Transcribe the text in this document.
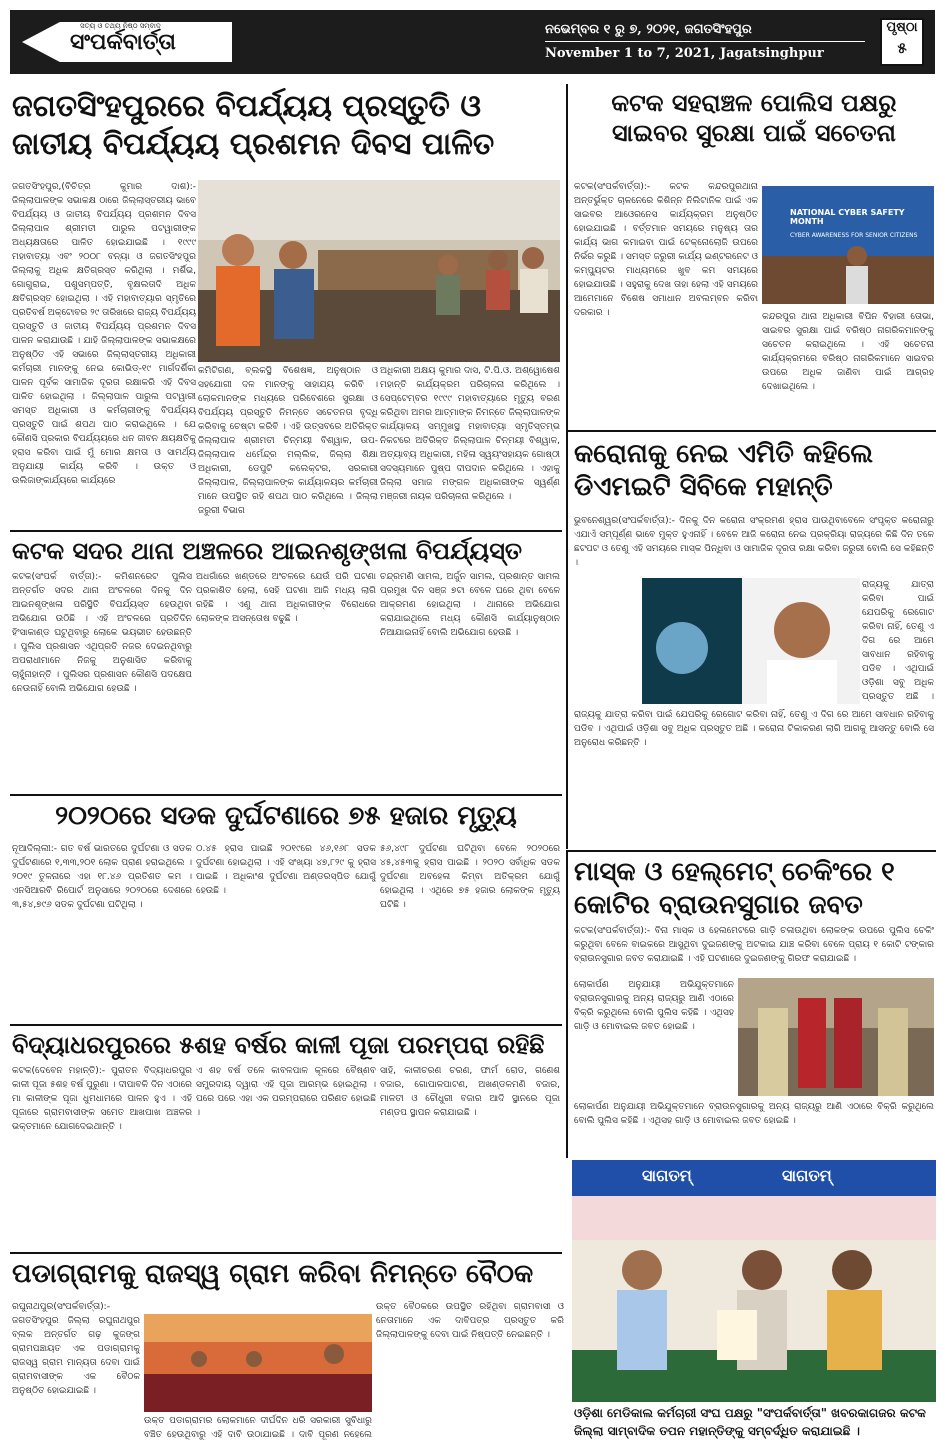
ସତ୍ୟ ଓ ତଥ୍ୟ ନିଷ୍ଠ ସମ୍ବାଦ
ସଂପର୍କବାର୍ତ୍ତା
ନଭେମ୍ବର ୧ ରୁ ୭, ୨୦୨୧, ଜଗତସିଂହପୁର
November 1 to 7, 2021, Jagatsinghpur
ପୃଷ୍ଠା
୫
ଜଗତସିଂହପୁରରେ ବିପର୍ଯ୍ୟୟ ପ୍ରସ୍ତୁତି ଓ ଜାତୀୟ ବିପର୍ଯ୍ୟୟ ପ୍ରଶମନ ଦିବସ ପାଳିତ
ଜଗତସିଂହପୁର,(ବିଚିତ୍ର କୁମାର ଦାଶ):- ଜିଲ୍ଲାପାଳଙ୍କ ସଭାକକ୍ଷ ଠାରେ ଜିଲ୍ଲାସ୍ତରୀୟ ଭାବେ ବିପର୍ଯ୍ୟୟ ଓ ଜାତୀୟ ବିପର୍ଯ୍ୟୟ ପ୍ରଶମନ ଦିବସ ଜିଲ୍ଲାପାଳ ଶ୍ରୀମତୀ ପାରୁଲ ପଟୱାରୀଙ୍କ ଅଧ୍ୟକ୍ଷତାରେ ପାଳିତ ହୋଇଯାଇଛି । ୧୯୯୯ ମହାବାତ୍ୟା ଏବଂ ୨୦୦୮ ବନ୍ୟା ଓ ଜଗତସିଂହପୁର ଜିଲ୍ଲାକୁ ଅଧିକ କ୍ଷତିଗ୍ରସ୍ତ କରିଥିଲା । ମର୍ଶିଭ, ଗୋଗୁରାଇ, ପଶୁସମ୍ପତ୍ତି, ବୃକ୍ଷଲତାଦି ଅଧିକ କ୍ଷତିଗ୍ରସ୍ତ ହୋଇଥିଲା । ଏହି ମହାବାତ୍ୟାର ସ୍ମୃତିରେ ପ୍ରତିବର୍ଷ ଅକ୍ଟୋବର ୨୯ ତାରିଖରେ ରାଜ୍ୟ ବିପର୍ଯ୍ୟୟ ପ୍ରସ୍ତୁତି ଓ ଜାତୀୟ ବିପର୍ଯ୍ୟୟ ପ୍ରଶମନ ଦିବସ ପାଳନ କରାଯାଉଛି । ଯାହି ଜିଲ୍ଲାପାଳଙ୍କ ସଭାକକ୍ଷରେ ଅନୁଷ୍ଠିତ ଏହି ସଭାରେ ଜିଲ୍ଲାସ୍ତରୀୟ ଅଧିକାରୀ କର୍ମଚାରୀ ମାନଙ୍କୁ ନେଇ କୋଭିଡ୍-୧୯ ମାର୍ଗଦର୍ଶିକା ପାଳନ ପୂର୍ବକ ସାମାଜିକ ଦୂରତା ରକ୍ଷାକରି ଏହି ଦିବସ ପାଳିତ ହୋଇଥିଲା । ଜିଲ୍ଲାପାଳ ପାରୁଲ ପଟୱାରୀ ସମସ୍ତ ଅଧିକାରୀ ଓ କର୍ମଚାରୀଙ୍କୁ ବିପର୍ଯ୍ୟୟ ପ୍ରସ୍ତୁତି ପାଇଁ ଶପଥ ପାଠ କରାଇଥିଲେ । ଯେ କୌଣସି ପ୍ରକାର ବିପର୍ଯ୍ୟୟରେ ଧନ ଜୀବନ କ୍ଷୟକ୍ଷତିକୁ ହ୍ରାସ କରିବା ପାଇଁ ମୁଁ ମୋର କ୍ଷମତା ଓ ସାମର୍ଥ୍ୟ ଅନୁଯାୟୀ କାର୍ଯ୍ୟ କରିବି । ଉକ୍ତ ଓ ଉଲିଜାଙ୍କାର୍ଯ୍ୟରେ କାର୍ଯ୍ୟରେ
କମିଟିଗଣ, ବ୍ଲକସ୍ଥି ବିଶେଷଜ୍ଞ, ଅନୁଷ୍ଠାନ ଓ ସହଯୋଗୀ ଦଳ ମାନଙ୍କୁ ସାହାଯ୍ୟ କରିବି । ଲୋକମାନଙ୍କ ମଧ୍ୟରେ ପରିବେଶରେ ସୁରକ୍ଷା ଓ ବିପର୍ଯ୍ୟୟ ପ୍ରସ୍ତୁତି ନିମନ୍ତେ ସଚେତନତା ବୃଦ୍ଧି କରିବାକୁ ଚେଷ୍ଟା କରିବି । ଏହି ଉତ୍ସବରେ ଅତିରିକ୍ତ ଜିଲ୍ଲାପାଳ ଶ୍ରୀମତୀ ଚିନ୍ମୟୀ ବିଶ୍ୱାଳ, ଉପ-ଜିଲ୍ଲାପାଳ ଧର୍ମେନ୍ଦ୍ର ମଲ୍ଲିକ, ଜିଲ୍ଲା ଶିକ୍ଷା ଅଧିକାରୀ, ଡେପୁଟି କଲେକ୍ଟର, ସରକାରୀ ଜିଲ୍ଲାପାଳ, ଜିଲ୍ଲାପାଳଙ୍କ କାର୍ଯ୍ୟାଳୟର କର୍ମଚାରୀ ମାନେ ଉପସ୍ଥିତ ରହି ଶପଥ ପାଠ କରିଥିଲେ । ଜିଲ୍ଲା ଜରୁରୀ ବିଭାଗ
ଅଧିକାରୀ ଅକ୍ଷୟ କୁମାର ଦାସ, ଟି.ପି.ଓ. ଅଶ୍ୱୋଷେଶ ମହାନ୍ତି କାର୍ଯ୍ୟକ୍ରମ ପରିଚାଳନା କରିଥିଲେ । ସେପ୍ଟେମ୍ବର ୧୯୯୯ ମହାବାତ୍ୟାରେ ମୃତ୍ୟୁ ବରଣ କରିଥିବା ଅମର ଆତ୍ମାଙ୍କ ନିମନ୍ତେ ଜିଲ୍ଲାପାଳଙ୍କ କାର୍ଯ୍ୟାଳୟ ସମ୍ମୁଖସ୍ଥ ମହାବାତ୍ୟା ସ୍ମୃତିସ୍ତମ୍ଭ ନିକଟରେ ଅତିରିକ୍ତ ଜିଲ୍ଲାପାଳ ଚିନ୍ମୟୀ ବିଶ୍ୱାଳ, ଅତ୍ୟାବ୍ୟ ଅଧିକାରୀ, ମହିଳା ସ୍ୱୟଂସହାୟକ ଗୋଷ୍ଠୀ ସଦସ୍ୟମାନେ ପୁଷ୍ପ ଦୀପଦାନ କରିଥିଲେ । ଏହାକୁ ଜିଲ୍ଲା ସମାଜ ମଙ୍ଗଳ ଅଧିକାରୀଙ୍କ ସ୍ୱର୍ଣ୍ଣ ମଞ୍ଜରୀ ନାୟକ ପରିଚାଳନା କରିଥିଲେ ।
କଟକ ସହରାଞ୍ଚଳ ପୋଲିସ ପକ୍ଷରୁ ସାଇବର ସୁରକ୍ଷା ପାଇଁ ସଚେତନା
କଟକ(ସଂପର୍କବାର୍ତ୍ତା):- କଟକ କନ୍ଦରପୁରଥାନା ଅନ୍ତର୍ଭୁକ୍ତ ଚାଳନେରେ କିଶିନ୍ନ ନିଲିଟାନିକ ପାଇଁ ଏକ ସାଇବର ଆଓେରନେସ କାର୍ଯ୍ୟକ୍ରମ ଅନୁଷ୍ଠିତ ହୋଇଯାଇଛି । ବର୍ତ୍ତମାନ ସମୟରେ ମନୁଷ୍ୟ ତାର କାର୍ଯ୍ୟ ଭାଗ କମାଇବା ପାଇଁ ଟେକ୍ନୋଲୋଜି ଉପରେ ନିର୍ଭର କରୁଛି । ସମସ୍ତ ଜରୁରୀ କାର୍ଯ୍ୟ ଇଣ୍ଟରନେଟ ଓ କମ୍ପ୍ୟୁଟର ମାଧ୍ୟମରେ ଖୁବ କମ ସମୟରେ ହୋଇଯାଉଛି । ସହୁରାକୁ ଦେଖ ତାହା ହେଲା ଏହି ସମୟରେ ଆମେମାନେ ବିଶେଷ ସମାଧାନ ଅବଲମ୍ବନ କରିବା ଦରକାର ।
NATIONAL CYBER SAFETY MONTH
CYBER AWARENESS FOR SENIOR CITIZENS
କନ୍ଦରପୁର ଥାନା ଅଧିକାରୀ ବିପିନ ବିହାରୀ ତୋଭା, ସାଇବର ସୁରକ୍ଷା ପାଇଁ ବରିଷ୍ଠ ନାଗରିକମାନଙ୍କୁ ସଚେତନ କରାଇଥିଲେ । ଏହି ସଚେତନା କାର୍ଯ୍ୟକ୍ରମରେ ବରିଷ୍ଠ ନାଗରିକମାନେ ସାଇବର ଉପରେ ଅଧିକ ଜାଣିବା ପାଇଁ ଆଗ୍ରହ ଦେଖାଇଥିଲେ ।
କରୋନାକୁ ନେଇ ଏମିତି କହିଲେ ଡିଏମଇଟି ସିବିକେ ମହାନ୍ତି
ଭୁବନେଶ୍ୱର(ସଂପର୍କବାର୍ତ୍ତା):- ଦିନକୁ ଦିନ କରୋନା ସଂକ୍ରମଣ ହ୍ରାସ ପାଉଥିବାବେଳେ ସଂପୃକ୍ତ କରୋନାରୁ ଏଯାଏଁ ସମ୍ପୂର୍ଣ୍ଣ ଭାବେ ମୁକ୍ତ ହୁଏନାହିଁ । ବେଳେ ଆଜି କରୋନା ନେଇ ପ୍ରକ୍ରିୟା ରାଜ୍ୟରେ କିଛି ଦିନ ତଳେ ଛଟପଟ ଓ ତେଣୁ ଏହି ସମୟରେ ମାସ୍କ ପିନ୍ଧିବା ଓ ସାମାଜିକ ଦୂରତା ରକ୍ଷା କରିବା ଜରୁରୀ ବୋଲି ସେ କହିଛନ୍ତି ।
ରାଜ୍ୟକୁ ଯାତ୍ରା କରିବା ପାଇଁ ଯେପରିକୁ ରେଗୋଟ କରିବା ନାହିଁ, ତେଣୁ ଏ ଦିଗ ରେ ଆମେ ସାବଧାନ ରହିବାକୁ ପଡିବ । ଏଥିପାଇଁ ଓଡ଼ିଶା ସବୁ ଅଧିକ ପ୍ରସ୍ତୁତ ଅଛି ।
ରାଜ୍ୟକୁ ଯାତ୍ରା କରିବା ପାଇଁ ଯେପରିକୁ ରେଗୋଟ କରିବା ନାହିଁ, ତେଣୁ ଏ ଦିଗ ରେ ଆମେ ସାବଧାନ ରହିବାକୁ ପଡିବ । ଏଥିପାଇଁ ଓଡ଼ିଶା ସବୁ ଅଧିକ ପ୍ରସ୍ତୁତ ଅଛି । କରୋନା ଟିକାକରଣ ଲାଗି ଆଗକୁ ଆସନ୍ତୁ ବୋଲି ସେ ଅନୁରୋଧ କରିଛନ୍ତି ।
କଟକ ସଦର ଥାନା ଅଞ୍ଚଳରେ ଆଇନଶୃଙ୍ଖଳା ବିପର୍ଯ୍ୟସ୍ତ
କଟକ(ସଂପର୍କ ବାର୍ତ୍ତା):- କମିଶନରେଟ ପୁଲିସ ଅନ୍ତର୍ଗତ ସଦର ଥାନା ଅଂଚଳରେ ଦିନକୁ ଦିନ ଆଇନଶୃଙ୍ଖଳା ପରିସ୍ଥିତି ବିପର୍ଯ୍ୟସ୍ତ ହେଉଥିବା ଅଭିଯୋଗ ଉଠିଛି । ଏହି ଅଂଚଳରେ ପ୍ରତିଦିନ ହିଂସାକାଣ୍ଡ ଘଟୁଥିବାରୁ ଲୋକେ ଭୟଭୀତ ହେଉଛନ୍ତି । ପୁଲିସ ପ୍ରଶାସନ ଏଥିପ୍ରତି ନଜର ଦେଇନଥିବାରୁ ଅପରାଧୀମାନେ ନିଜକୁ ଅନୁଶାସିତ କରିବାକୁ ଚାହୁଁନାହାନ୍ତି । ପୁଲିସର ପ୍ରଶାସନ କୌଣସି ପଦକ୍ଷେପ ନେଉନାହିଁ ବୋଲି ଅଭିଯୋଗ ହେଉଛି ।
ଅଧଗାଁରେ ଖଣ୍ଡରେ ଅଂଚଳରେ ଯେଉଁ ପରି ଘଟଣା ପ୍ରକାଶିତ ହେଲା, ସେହି ଘଟଣା ଆଜି ମଧ୍ୟ ଲାଗି ରହିଛି । ଏଣୁ ଥାନା ଅଧିକାରୀଙ୍କ ବିରୋଧରେ ଲୋକଙ୍କ ଅସନ୍ତୋଷ ବଢୁଛି ।
ଚନ୍ଦ୍ରମଣି ସାମଲ, ଅର୍ଜୁନ ସାମଲ, ପ୍ରଶାନ୍ତ ସାମଲ ପ୍ରମୁଖ ଦିନ ସଞ୍ଜ ୭ଟା ବେଳେ ଘରେ ଥିବା ବେଳେ ଆକ୍ରମଣ ହୋଇଥିଲା । ଥାନାରେ ଅଭିଯୋଗ କରାଯାଇଥିଲେ ମଧ୍ୟ କୌଣସି କାର୍ଯ୍ୟାନୁଷ୍ଠାନ ନିଆଯାଇନାହିଁ ବୋଲି ଅଭିଯୋଗ ହେଉଛି ।
୨୦୨୦ରେ ସଡକ ଦୁର୍ଘଟଣାରେ ୭୫ ହଜାର ମୃତ୍ୟୁ
ନୂଆଦିଲ୍ଲୀ:- ଗତ ବର୍ଷ ଭାରତରେ ଦୁର୍ଘଟଣା ଓ ସଡକ ଦୁର୍ଘଟଣାରେ ୧,୩୩,୨୦୧ ଲୋକ ପ୍ରାଣ ହରାଇଥିଲେ । ୨୦୧୯ ତୁଳନାରେ ଏହା ୧୮.୪୬ ପ୍ରତିଶତ କମ । ଏନସିଆରବି ରିପୋର୍ଟ ଅନୁସାରେ ୨୦୨୦ରେ ଦେଶରେ ୩,୫୪,୭୯୬ ସଡକ ଦୁର୍ଘଟଣା ଘଟିଥିଲା ।
୦.୪୫ ହ୍ରାସ ପାଇଛି ୨୦୧୯ରେ ୪୬,୧୬୮ ସଡକ ଦୁର୍ଘଟଣା ହୋଇଥିଲା । ଏହି ସଂଖ୍ୟା ୪୭,୮୨୯ କୁ ହ୍ରାସ ପାଇଛି । ଅଧିକାଂଶ ଦୁର୍ଘଟଣା ଅଣ୍ଡରସ୍ପିଡ ଯୋଗୁଁ ହେଉଛି ।
୫୬,୪୯୮ ଦୁର୍ଘଟଣା ଘଟିଥିବା ବେଳେ ୨୦୨୦ରେ ୪୫,୪୫୩କୁ ହ୍ରାସ ପାଇଛି । ୨୦୨୦ ସର୍ବାଧିକ ସଡକ ଦୁର୍ଘଟଣା ଅବହେଳା କିମ୍ବା ଅତିକ୍ରମ ଯୋଗୁଁ ହୋଇଥିଲା । ଏଥିରେ ୭୫ ହଜାର ଲୋକଙ୍କ ମୃତ୍ୟୁ ଘଟିଛି ।
ମାସ୍କ ଓ ହେଲ୍‌ମେଟ୍ ଚେକିଂରେ ୧ କୋଟିର ବ୍ରାଉନସୁଗାର ଜବତ
କଟକ(ସଂପର୍କବାର୍ତ୍ତା):- ବିନା ମାସ୍କ ଓ ହେଲମେଟରେ ଗାଡ଼ି ଚଳାଉଥିବା ଲୋକଙ୍କ ଉପରେ ପୁଲିସ ଚେକିଂ କରୁଥିବା ବେଳେ ବାଇକରେ ଆସୁଥିବା ଦୁଇଜଣଙ୍କୁ ଅଟକାଇ ଯାଞ୍ଚ କରିବା ବେଳେ ପ୍ରାୟ ୧ କୋଟି ଟଙ୍କାର ବ୍ରାଉନସୁଗାର ଜବତ କରାଯାଇଛି । ଏହି ଘଟଣାରେ ଦୁଇଜଣଙ୍କୁ ଗିରଫ କରାଯାଇଛି ।
ଲୋକାର୍ପଣ ଅନୁଯାୟୀ ଅଭିଯୁକ୍ତମାନେ ବ୍ରାଉନସୁଗାରକୁ ଅନ୍ୟ ରାଜ୍ୟରୁ ଆଣି ଏଠାରେ ବିକ୍ରି କରୁଥିଲେ ବୋଲି ପୁଲିସ କହିଛି । ଏଥିସହ ଗାଡ଼ି ଓ ମୋବାଇଲ ଜବତ ହୋଇଛି ।
ଲୋକାର୍ପଣ ଅନୁଯାୟୀ ଅଭିଯୁକ୍ତମାନେ ବ୍ରାଉନସୁଗାରକୁ ଅନ୍ୟ ରାଜ୍ୟରୁ ଆଣି ଏଠାରେ ବିକ୍ରି କରୁଥିଲେ ବୋଲି ପୁଲିସ କହିଛି । ଏଥିସହ ଗାଡ଼ି ଓ ମୋବାଇଲ ଜବତ ହୋଇଛି ।
ବିଦ୍ୟାଧରପୁରରେ ୫ଶହ ବର୍ଷର କାଳୀ ପୂଜା ପରମ୍ପରା ରହିଛି
କଟକ(ଦେବେନ ମହାନ୍ତି):- ପୁରାତନ ବିଦ୍ୟାଧରପୁର କାଳୀ ପୂଜା ୫ଶହ ବର୍ଷ ପୁରୁଣା । ଦୀପାବଳି ଦିନ ଏଠାରେ ମା କାଳୀଙ୍କ ପୂଜା ଧୁମଧାମରେ ପାଳନ ହୁଏ । ଏହି ପୂଜାରେ ଗ୍ରାମବାସୀଙ୍କ ସମେତ ଆଖପାଖ ଅଞ୍ଚଳର ଭକ୍ତମାନେ ଯୋଗଦେଇଥାନ୍ତି ।
ଏ ଶହ ବର୍ଷ ତଳେ କାବଳପାଳ କୂଳରେ ବୈଷ୍ଣବ ସମ୍ପ୍ରଦାୟ ଦ୍ୱାରା ଏହି ପୂଜା ଆରମ୍ଭ ହୋଇଥିଲା । ପରେ ପରେ ଏହା ଏକ ପରମ୍ପରାରେ ପରିଣତ ହୋଇଛି ।
ସାହି, କାଳୀଚରଣ ଚରଣ, ଫାର୍ମ ରୋଡ, ଗଣେଶ ବଜାର, ଗୋପାଳପାଟଣ, ଅଖଣ୍ଡଳମଣି ବଜାର, ମାଳତୀ ଓ ଚୌଧୁରୀ ବଜାର ଆଦି ସ୍ଥାନରେ ପୂଜା ମଣ୍ଡପ ସ୍ଥାପନ କରାଯାଇଛି ।
ପଡାଗ୍ରାମକୁ ରାଜସ୍ୱ ଗ୍ରାମ କରିବା ନିମନ୍ତେ ବୈଠକ
ରଘୁନାଥପୁର(ସଂପର୍କବାର୍ତ୍ତା):- ଜଗତସିଂହପୁର ଜିଲ୍ଲା ରଘୁନାଥପୁର ବ୍ଲକ ଅନ୍ତର୍ଗତ ଗଢ଼ କୁଜଙ୍ଗ ଗ୍ରାମପଞ୍ଚାୟତ ଏକ ପଡାଗ୍ରାମକୁ ରାଜସ୍ୱ ଗ୍ରାମ ମାନ୍ୟତା ଦେବା ପାଇଁ ଗ୍ରାମବାସୀଙ୍କ ଏକ ବୈଠକ ଅନୁଷ୍ଠିତ ହୋଇଯାଇଛି ।
ଉକ୍ତ ପଡାଗ୍ରାମର ଲୋକମାନେ ଦୀର୍ଘଦିନ ଧରି ସରକାରୀ ସୁବିଧାରୁ ବଞ୍ଚିତ ହେଉଥିବାରୁ ଏହି ଦାବି ଉଠାଯାଇଛି । ଦାବି ପୂରଣ ନହେଲେ
ଉକ୍ତ ବୈଠକରେ ଉପସ୍ଥିତ ରହିଥିବା ଗ୍ରାମବାସୀ ଓ ନେତାମାନେ ଏକ ଦାବିପତ୍ର ପ୍ରସ୍ତୁତ କରି ଜିଲ୍ଲାପାଳଙ୍କୁ ଦେବା ପାଇଁ ନିଷ୍ପତ୍ତି ନେଇଛନ୍ତି ।
ସାଗତମ୍	ସାଗତମ୍
ଓଡ଼ିଶା ମେଡିକାଲ କର୍ମଚାରୀ ସଂଘ ପକ୍ଷରୁ "ସଂପର୍କବାର୍ତ୍ତା" ଖବରକାଗଜର କଟକ ଜିଲ୍ଲା ସାମ୍ବାଦିକ ତପନ ମହାନ୍ତିଙ୍କୁ ସମ୍ବର୍ଦ୍ଧିତ କରାଯାଇଛି ।
